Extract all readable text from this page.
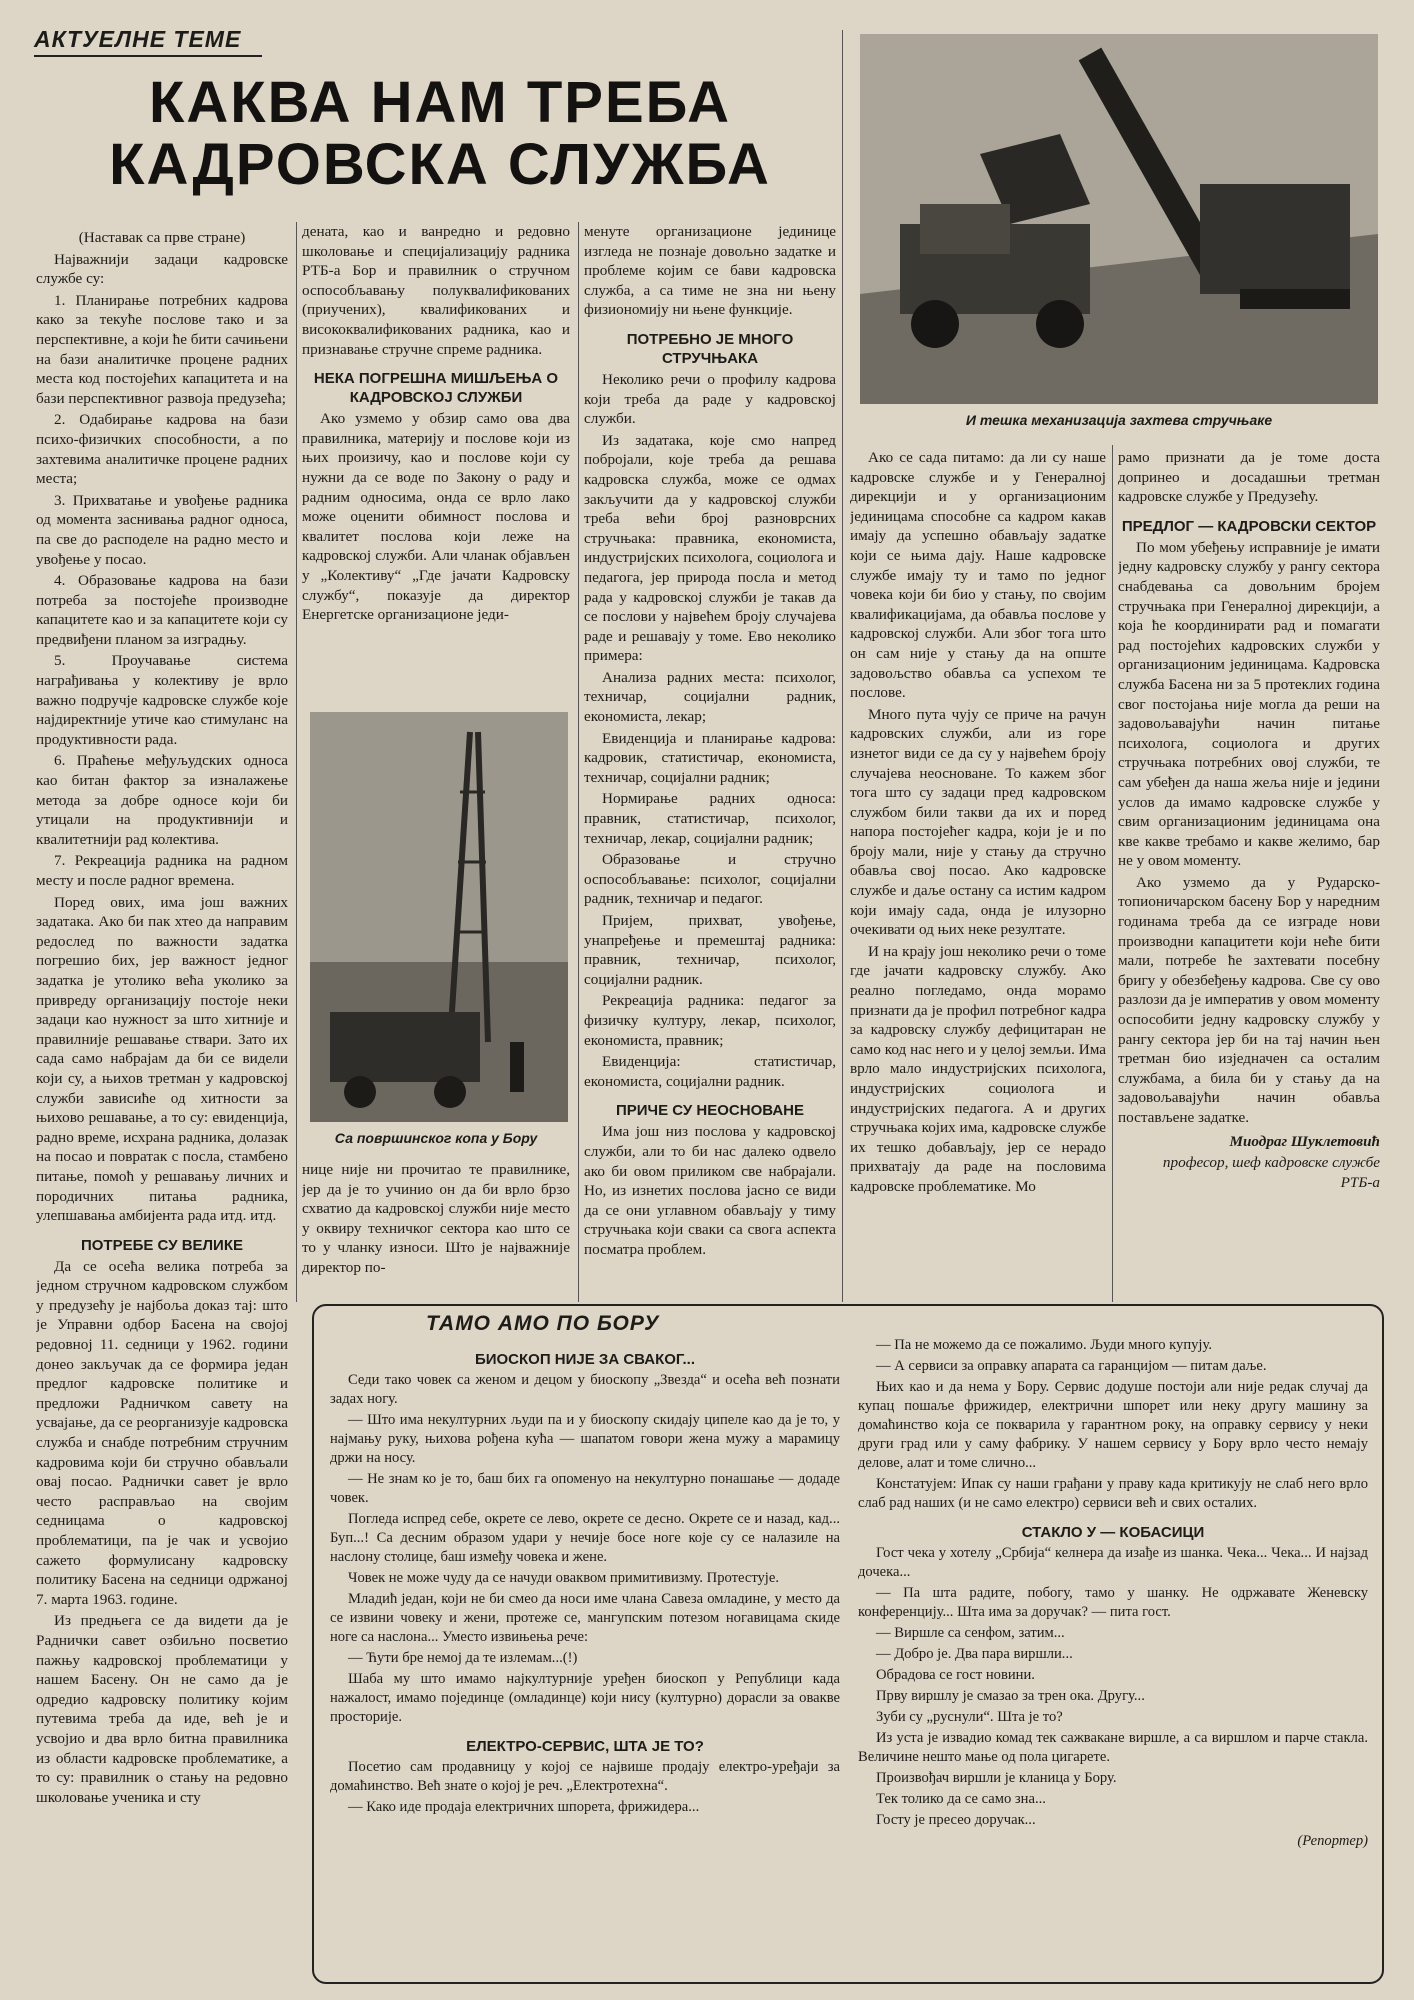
АКТУЕЛНЕ ТЕМЕ
КАКВА НАМ ТРЕБА
КАДРОВСКА СЛУЖБА

(Наставак са прве стране)

Најважнији задаци кадровске службе су:

1. Планирање потребних кадрова како за текуће послове тако и за перспективне, а који ће бити сачињени на бази аналитичке процене радних места код постојећих капацитета и на бази перспективног развоја предузећа;

2. Одабирање кадрова на бази психо-физичких способности, а по захтевима аналитичке процене радних места;

3. Прихватање и увођење радника од момента заснивања радног односа, па све до расподеле на радно место и увођење у посао.

4. Образовање кадрова на бази потреба за постојеће производне капацитете као и за капацитете који су предвиђени планом за изградњу.

5. Проучавање система награђивања у колективу је врло важно подручје кадровске службе које најдиректније утиче као стимуланс на продуктивности рада.

6. Праћење међуљудских односа као битан фактор за изналажење метода за добре односе који би утицали на продуктивнији и квалитетнији рад колектива.

7. Рекреација радника на радном месту и после радног времена.

Поред ових, има још важних задатака. Ако би пак хтео да направим редослед по важности задатка погрешио бих, јер важност једног задатка је утолико већа уколико за привреду организацију постоје неки задаци као нужност за што хитније и правилније решавање ствари. Зато их сада само набрајам да би се видели који су, а њихов третман у кадровској служби зависиће од хитности за њихово решавање, а то су: евиденција, радно време, исхрана радника, долазак на посао и повратак с посла, стамбено питање, помоћ у решавању личних и породичних питања радника, улепшавања амбијента рада итд. итд.

ПОТРЕБЕ СУ ВЕЛИКЕ

Да се осећа велика потреба за једном стручном кадровском службом у предузећу је најбоља доказ тај: што је Управни одбор Басена на својој редовној 11. седници у 1962. години донео закључак да се формира један предлог кадровске политике и предложи Радничком савету на усвајање, да се реорганизује кадровска служба и снабде потребним стручним кадровима који би стручно обављали овај посао. Раднички савет је врло често расправљао на својим седницама о кадровској проблематици, па је чак и усвојио сажето формулисану кадровску политику Басена на седници одржаној 7. марта 1963. године.

Из предњега се да видети да је Раднички савет озбиљно посветио пажњу кадровској проблематици у нашем Басену. Он не само да је одредио кадровску политику којим путевима треба да иде, већ је и усвојио и два врло битна правилника из области кадровске проблематике, а то су: правилник о стању на редовно школовање ученика и сту

дената, као и ванредно и редовно школовање и специјализацију радника РТБ-а Бор и правилник о стручном оспособљавању полуквалификованих (приучених), квалификованих и висококвалификованих радника, као и признавање стручне спреме радника.

НЕКА ПОГРЕШНА МИШЉЕЊА О КАДРОВСКОЈ СЛУЖБИ

Ако узмемо у обзир само ова два правилника, материју и послове који из њих произичу, као и послове који су нужни да се воде по Закону о раду и радним односима, онда се врло лако може оценити обимност послова и квалитет послова који леже на кадровској служби. Али чланак објављен у „Колективу“ „Где јачати Кадровску службу“, показује да директор Енергетске организационе једи-

Са површинског копа у Бору

нице није ни прочитао те правилнике, јер да је то учинио он да би врло брзо схватио да кадровској служби није место у оквиру техничког сектора као што се то у чланку износи. Што је најважније директор по-

менуте организационе јединице изгледа не познаје довољно задатке и проблеме којим се бави кадровска служба, а са тиме не зна ни њену физиономију ни њене функције.

ПОТРЕБНО ЈЕ МНОГО СТРУЧЊАКА

Неколико речи о профилу кадрова који треба да раде у кадровској служби.

Из задатака, које смо напред побројали, које треба да решава кадровска служба, може се одмах закључити да у кадровској служби треба већи број разноврсних стручњака: правника, економиста, индустријских психолога, социолога и педагога, јер природа посла и метод рада у кадровској служби је такав да се послови у највећем броју случајева раде и решавају у томе. Ево неколико примера:

Анализа радних места: психолог, техничар, социјални радник, економиста, лекар;

Евиденција и планирање кадрова: кадровик, статистичар, економиста, техничар, социјални радник;

Нормирање радних односа: правник, статистичар, психолог, техничар, лекар, социјални радник;

Образовање и стручно оспособљавање: психолог, социјални радник, техничар и педагог.

Пријем, прихват, увођење, унапређење и премештај радника: правник, техничар, психолог, социјални радник.

Рекреација радника: педагог за физичку културу, лекар, психолог, економиста, правник;

Евиденција: статистичар, економиста, социјални радник.

ПРИЧЕ СУ НЕОСНОВАНЕ

Има још низ послова у кадровској служби, али то би нас далеко одвело ако би овом приликом све набрајали. Но, из изнетих послова јасно се види да се они углавном обављају у тиму стручњака који сваки са свога аспекта посматра проблем.

И тешка механизација захтева стручњаке

Ако се сада питамо: да ли су наше кадровске службе и у Генералној дирекцији и у организационим јединицама способне са кадром какав имају да успешно обављају задатке који се њима дају. Наше кадровске службе имају ту и тамо по једног човека који би био у стању, по својим квалификацијама, да обавља послове у кадровској служби. Али због тога што он сам није у стању да на опште задовољство обавља са успехом те послове.

Много пута чују се приче на рачун кадровских служби, али из горе изнетог види се да су у највећем броју случајева неосноване. То кажем због тога што су задаци пред кадровском службом били такви да их и поред напора постојећег кадра, који је и по броју мали, није у стању да стручно обавља свој посао. Ако кадровске службе и даље остану са истим кадром који имају сада, онда је илузорно очекивати од њих неке резултате.

И на крају још неколико речи о томе где јачати кадровску службу. Ако реално погледамо, онда морамо признати да је профил потребног кадра за кадровску службу дефицитаран не само код нас него и у целој земљи. Има врло мало индустријских психолога, индустријских социолога и индустријских педагога. А и других стручњака којих има, кадровске службе их тешко добављају, јер се нерадо прихватају да раде на пословима кадровске проблематике. Мо

рамо признати да је томе доста допринео и досадашњи третман кадровске службе у Предузећу.

ПРЕДЛОГ — КАДРОВСКИ СЕКТОР

По мом убеђењу исправније је имати једну кадровску службу у рангу сектора снабдевања са довољним бројем стручњака при Генералној дирекцији, а која ће координирати рад и помагати рад постојећих кадровских служби у организационим јединицама. Кадровска служба Басена ни за 5 протеклих година свог постојања није могла да реши на задовољавајући начин питање психолога, социолога и других стручњака потребних овој служби, те сам убеђен да наша жеља није и једини услов да имамо кадровске службе у свим организационим јединицама она кве какве требамо и какве желимо, бар не у овом моменту.

Ако узмемо да у Рударско-топионичарском басену Бор у наредним годинама треба да се изграде нови производни капацитети који неће бити мали, потребе ће захтевати посебну бригу у обезбеђењу кадрова. Све су ово разлози да је императив у овом моменту оспособити једну кадровску службу у рангу сектора јер би на тај начин њен третман био изједначен са осталим службама, а била би у стању да на задовољавајући начин обавља постављене задатке.

Миодраг Шуклетовић

професор, шеф кадровске службе РТБ-а

ТАМО АМО ПО БОРУ

БИОСКОП НИЈЕ ЗА СВАКОГ...

Седи тако човек са женом и децом у биоскопу „Звезда“ и осећа већ познати задах ногу.

— Што има некултурних људи па и у биоскопу скидају ципеле као да је то, у најмању руку, њихова рођена кућа — шапатом говори жена мужу а марамицу држи на носу.

— Не знам ко је то, баш бих га опоменуо на некултурно понашање — додаде човек.

Погледа испред себе, окрете се лево, окрете се десно. Окрете се и назад, кад... Буп...! Са десним образом удари у нечије босе ноге које су се налазиле на наслону столице, баш између човека и жене.

Човек не може чуду да се начуди оваквом примитивизму. Протестује.

Младић један, који не би смео да носи име члана Савеза омладине, у место да се извини човеку и жени, протеже се, мангупским потезом ногавицама скиде ноге са наслона... Уместо извињења рече:

— Ћути бре немој да те излемам...(!)

Шаба му што имамо најкултурније уређен биоскоп у Републици када нажалост, имамо појединце (омладинце) који нису (културно) дорасли за овакве просторије.

ЕЛЕКТРО-СЕРВИС, ШТА ЈЕ ТО?

Посетио сам продавницу у којој се највише продају електро-уређаји за домаћинство. Већ знате о којој је реч. „Електротехна“.

— Како иде продаја електричних шпорета, фрижидера...

— Па не можемо да се пожалимо. Људи много купују.

— А сервиси за оправку апарата са гаранцијом — питам даље.

Њих као и да нема у Бору. Сервис додуше постоји али није редак случај да купац пошаље фрижидер, електрични шпорет или неку другу машину за домаћинство која се покварила у гарантном року, на оправку сервису у неки други град или у саму фабрику. У нашем сервису у Бору врло често немају делове, алат и томе слично...

Констатујем: Ипак су наши грађани у праву када критикују не слаб него врло слаб рад наших (и не само електро) сервиси већ и свих осталих.

СТАКЛО У — КОБАСИЦИ

Гост чека у хотелу „Србија“ келнера да изађе из шанка. Чека... Чека... И најзад дочека...

— Па шта радите, побогу, тамо у шанку. Не одржавате Женевску конференцију... Шта има за доручак? — пита гост.

— Виршле са сенфом, затим...

— Добро је. Два пара виршли...

Обрадова се гост новини.

Прву виршлу је смазао за трен ока. Другу...

Зуби су „руснули“. Шта је то?

Из уста је извадио комад тек сажвакане виршле, а са виршлом и парче стакла. Величине нешто мање од пола цигарете.

Произвођач виршли је кланица у Бору.

Тек толико да се само зна...

Госту је пресео доручак...

(Репортер)
